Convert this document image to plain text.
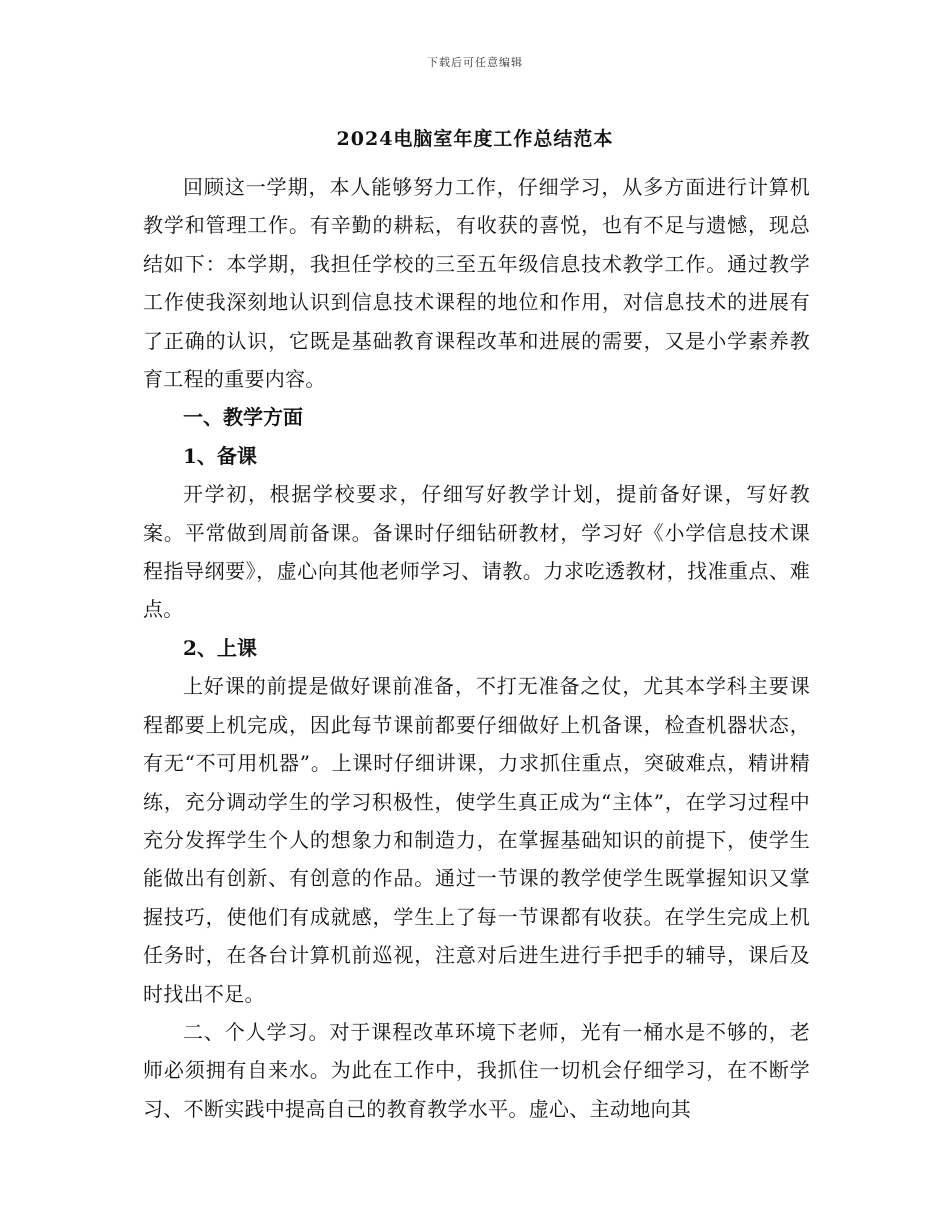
下载后可任意编辑
2024电脑室年度工作总结范本

回顾这一学期，本人能够努力工作，仔细学习，从多方面进行计算机教学和管理工作。有辛勤的耕耘，有收获的喜悦，也有不足与遗憾，现总结如下：本学期，我担任学校的三至五年级信息技术教学工作。通过教学工作使我深刻地认识到信息技术课程的地位和作用，对信息技术的进展有了正确的认识，它既是基础教育课程改革和进展的需要，又是小学素养教育工程的重要内容。

一、教学方面

1、备课

开学初，根据学校要求，仔细写好教学计划，提前备好课，写好教案。平常做到周前备课。备课时仔细钻研教材，学习好《小学信息技术课程指导纲要》，虚心向其他老师学习、请教。力求吃透教材，找准重点、难点。

2、上课

上好课的前提是做好课前准备，不打无准备之仗，尤其本学科主要课程都要上机完成，因此每节课前都要仔细做好上机备课，检查机器状态，有无“不可用机器”。上课时仔细讲课，力求抓住重点，突破难点，精讲精练，充分调动学生的学习积极性，使学生真正成为“主体”，在学习过程中充分发挥学生个人的想象力和制造力，在掌握基础知识的前提下，使学生能做出有创新、有创意的作品。通过一节课的教学使学生既掌握知识又掌握技巧，使他们有成就感，学生上了每一节课都有收获。在学生完成上机任务时，在各台计算机前巡视，注意对后进生进行手把手的辅导，课后及时找出不足。

二、个人学习。对于课程改革环境下老师，光有一桶水是不够的，老师必须拥有自来水。为此在工作中，我抓住一切机会仔细学习，在不断学习、不断实践中提高自己的教育教学水平。虚心、主动地向其
